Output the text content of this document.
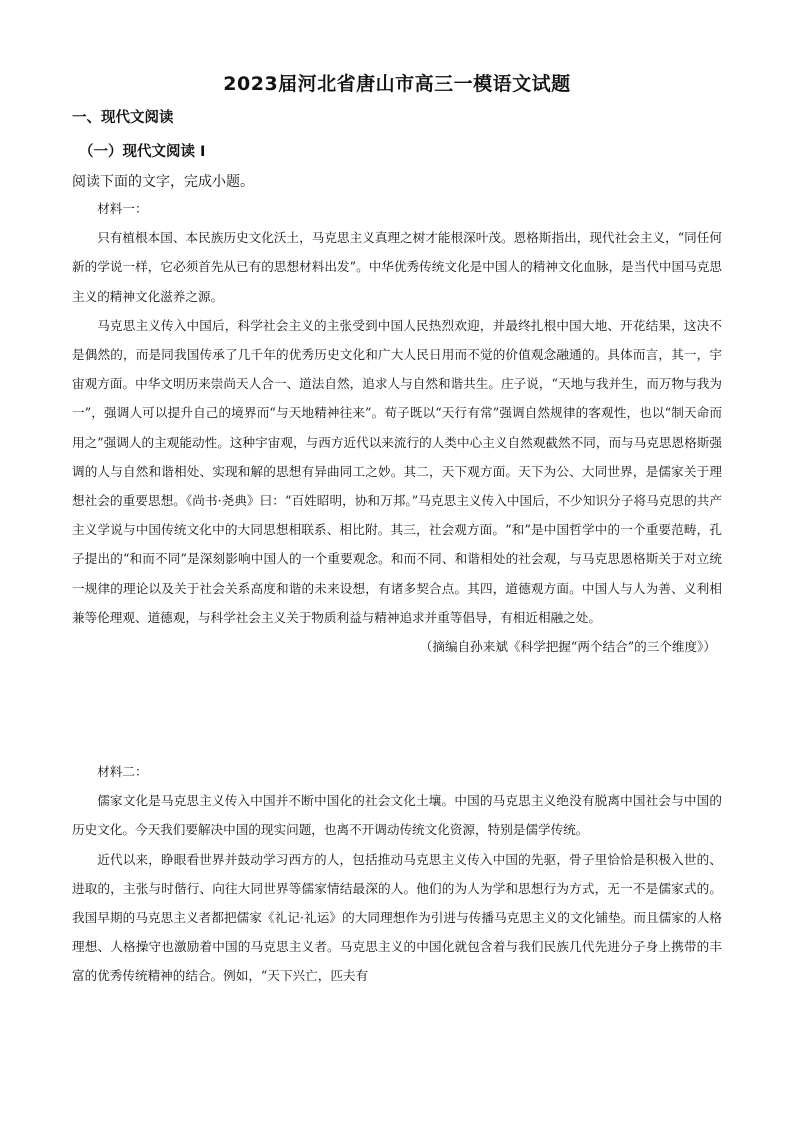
2023届河北省唐山市高三一模语文试题
一、现代文阅读
（一）现代文阅读 I

阅读下面的文字，完成小题。

材料一：

只有植根本国、本民族历史文化沃土，马克思主义真理之树才能根深叶茂。恩格斯指出，现代社会主义，“同任何新的学说一样，它必须首先从已有的思想材料出发”。中华优秀传统文化是中国人的精神文化血脉，是当代中国马克思主义的精神文化滋养之源。

马克思主义传入中国后，科学社会主义的主张受到中国人民热烈欢迎，并最终扎根中国大地、开花结果，这决不是偶然的，而是同我国传承了几千年的优秀历史文化和广大人民日用而不觉的价值观念融通的。具体而言，其一，宇宙观方面。中华文明历来崇尚天人合一、道法自然，追求人与自然和谐共生。庄子说，“天地与我并生，而万物与我为一”，强调人可以提升自己的境界而“与天地精神往来”。荀子既以“天行有常”强调自然规律的客观性，也以“制天命而用之”强调人的主观能动性。这种宇宙观，与西方近代以来流行的人类中心主义自然观截然不同，而与马克思恩格斯强调的人与自然和谐相处、实现和解的思想有异曲同工之妙。其二，天下观方面。天下为公、大同世界，是儒家关于理想社会的重要思想。《尚书·尧典》曰：“百姓昭明，协和万邦。”马克思主义传入中国后，不少知识分子将马克思的共产主义学说与中国传统文化中的大同思想相联系、相比附。其三，社会观方面。“和”是中国哲学中的一个重要范畴，孔子提出的“和而不同”是深刻影响中国人的一个重要观念。和而不同、和谐相处的社会观，与马克思恩格斯关于对立统一规律的理论以及关于社会关系高度和谐的未来设想，有诸多契合点。其四，道德观方面。中国人与人为善、义利相兼等伦理观、道德观，与科学社会主义关于物质利益与精神追求并重等倡导，有相近相融之处。

（摘编自孙来斌《科学把握“两个结合”的三个维度》）

材料二：

儒家文化是马克思主义传入中国并不断中国化的社会文化土壤。中国的马克思主义绝没有脱离中国社会与中国的历史文化。今天我们要解决中国的现实问题，也离不开调动传统文化资源，特别是儒学传统。

近代以来，睁眼看世界并鼓动学习西方的人，包括推动马克思主义传入中国的先驱，骨子里恰恰是积极入世的、进取的，主张与时偕行、向往大同世界等儒家情结最深的人。他们的为人为学和思想行为方式，无一不是儒家式的。我国早期的马克思主义者都把儒家《礼记·礼运》的大同理想作为引进与传播马克思主义的文化铺垫。而且儒家的人格理想、人格操守也激励着中国的马克思主义者。马克思主义的中国化就包含着与我们民族几代先进分子身上携带的丰富的优秀传统精神的结合。例如，“天下兴亡，匹夫有
